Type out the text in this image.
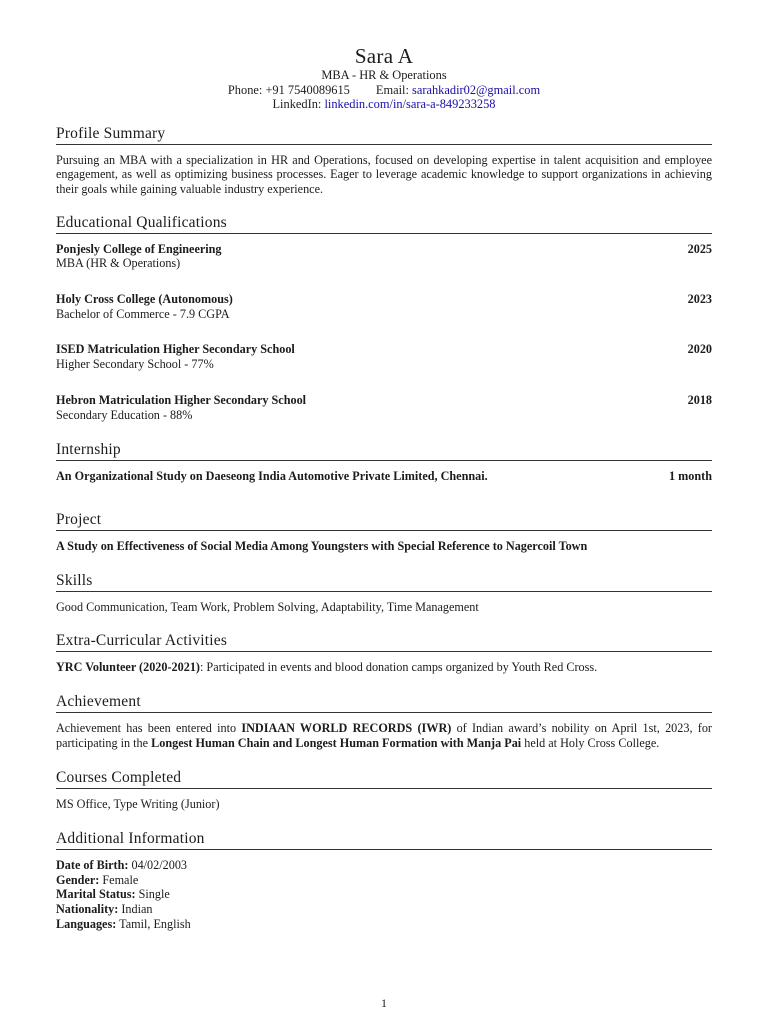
Sara A
MBA - HR & Operations
Phone: +91 7540089615 Email: sarahkadir02@gmail.com
LinkedIn: linkedin.com/in/sara-a-849233258
Profile Summary
Pursuing an MBA with a specialization in HR and Operations, focused on developing expertise in talent acquisition and employee engagement, as well as optimizing business processes. Eager to leverage academic knowledge to support organizations in achieving their goals while gaining valuable industry experience.
Educational Qualifications
Ponjesly College of Engineering	2025
MBA (HR & Operations)
Holy Cross College (Autonomous)	2023
Bachelor of Commerce - 7.9 CGPA
ISED Matriculation Higher Secondary School	2020
Higher Secondary School - 77%
Hebron Matriculation Higher Secondary School	2018
Secondary Education - 88%
Internship
An Organizational Study on Daeseong India Automotive Private Limited, Chennai.	1 month
Project
A Study on Effectiveness of Social Media Among Youngsters with Special Reference to Nagercoil Town
Skills
Good Communication, Team Work, Problem Solving, Adaptability, Time Management
Extra-Curricular Activities
YRC Volunteer (2020-2021): Participated in events and blood donation camps organized by Youth Red Cross.
Achievement
Achievement has been entered into INDIAAN WORLD RECORDS (IWR) of Indian award’s nobility on April 1st, 2023, for participating in the Longest Human Chain and Longest Human Formation with Manja Pai held at Holy Cross College.
Courses Completed
MS Office, Type Writing (Junior)
Additional Information
Date of Birth: 04/02/2003
Gender: Female
Marital Status: Single
Nationality: Indian
Languages: Tamil, English
1
